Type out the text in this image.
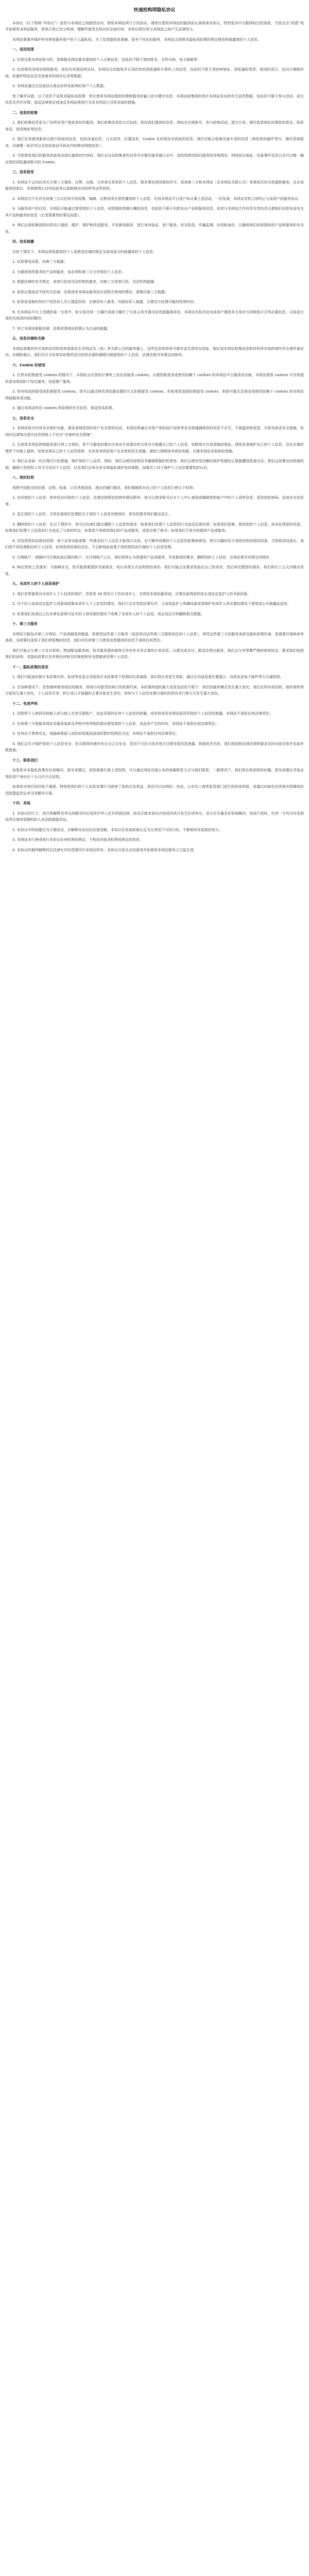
快速抢购网隐私协议

本协议（以下简称“本协议”）是您与本网站之间就您访问、使用本网站所订立的协议。请您在使用本网站的服务前认真阅读本协议，特别是其中以粗体标注的条款。当您点击“同意”或开始使用本网站服务，即表示您已充分阅读、理解并接受本协议的全部内容，本协议即在您与本网站之间产生法律效力。

本网站尊重并保护所有使用服务用户的个人隐私权。为了给您提供更准确、更有个性化的服务，本网站会按照本隐私权政策的规定使用和披露您的个人信息。

一、适用范围

1. 在您注册本网站账号时，您根据本网站要求提供的个人注册信息，包括但不限于您的姓名、手机号码、电子邮箱等；

2. 在您使用本网站网络服务，或访问本网站网页时，本网站自动接收并记录的您的浏览器和计算机上的信息，包括但不限于您的IP地址、浏览器的类型、使用的语言、访问日期和时间、软硬件特征信息及您需求的网页记录等数据；

3. 本网站通过合法途径从商业伙伴处取得的用户个人数据。

您了解并同意，以下信息不适用本隐私权政策：您在使用本网站提供的搜索服务时输入的关键字信息；本网站收集到的您在本网站发布的有关信息数据，包括但不限于参与活动、成交信息及评价详情；违反法律规定或违反本网站规则行为及本网站已对您采取的措施。

二、信息的收集

1. 我们收集信息是为了向所有用户提供更好的服务。我们收集信息的方式包括：您向我们提供的信息，例如在注册账号、参与抢购活动、提交订单、填写收货地址时提供的姓名、联系电话、收货地址等信息；

2. 我们在您使用服务过程中获取的信息，包括设备信息、日志信息、位置信息、Cookie 及同类技术获取的信息。我们可能会收集设备专用的信息（例如您的硬件型号、操作系统版本、设备唯一标识符以及包括电话号码在内的移动网络信息）；

3. 当您使用我们的服务或查看由我们提供的内容时，我们会自动收集某些信息并存储在服务器日志中，包括您使用我们服务的详细情况、网络协议地址、设备事件信息以及可以唯一确定您的浏览器或账号的 Cookie。

三、信息使用

1. 本网站不会向任何无关第三方提供、出售、出租、分享或交易您的个人信息，除非事先得到您的许可，或该第三方和本网站（含本网站关联公司）单独或共同为您提供服务，且在该服务结束后，其将被禁止访问包括其以前能够访问的所有这些资料。

2. 本网站亦不允许任何第三方以任何手段收集、编辑、出售或者无偿传播您的个人信息。任何本网站平台用户如从事上述活动，一经发现，本网站有权立即终止与该用户的服务协议。

3. 为服务用户的目的，本网站可能通过使用您的个人信息，向您提供您感兴趣的信息，包括但不限于向您发出产品和服务信息，或者与本网站合作伙伴共享信息以便他们向您发送有关其产品和服务的信息（后者需要您的事先同意）。

4. 我们会将收集到的信息用于提供、维护、保护和改进服务，开发新的服务，进行身份验证、客户服务、安全防范、诈骗监测、存档和备份，以确保我们向您提供的产品和服务的安全性。

四、信息披露

在如下情况下，本网站将依据您的个人意愿或法律的规定全部或部分的披露您的个人信息：

1. 经您事先同意，向第三方披露；

2. 为提供您所要求的产品和服务，而必须和第三方分享您的个人信息；

3. 根据法律的有关规定，或者行政或司法机构的要求，向第三方或者行政、司法机构披露；

4. 如您出现违反中国有关法律、法规或者本网站服务协议或相关规则的情况，需要向第三方披露；

5. 如您是适格的知识产权投诉人并已提起投诉，应被投诉人要求，向被投诉人披露，以便双方处理可能的权利纠纷；

6. 在本网站平台上创建的某一交易中，如交易任何一方履行或部分履行了交易义务并提出信息披露请求的，本网站有权决定向该用户提供其交易对方的联络方式等必要信息，以促成交易的完成或纠纷的解决；

7. 其它本网站根据法律、法规或者网站政策认为合适的披露。

五、信息存储和交换

本网站收集的有关您的信息和资料将保存在本网站及（或）其关联公司的服务器上，这些信息和资料可能传送至您所在国家、地区或本网站收集信息和资料所在地的境外并在境外被访问、存储和展示。我们仅在为实现本政策所述目的所必需的期限内保留您的个人信息，法律法规另有规定的除外。

六、Cookie 的使用

1. 在您未拒绝接受 cookies 的情况下，本网站会在您的计算机上设定或取用 cookies，以便您能登录或使用依赖于 cookies 的本网站平台服务或功能。本网站使用 cookies 可为您提供更加周到的个性化服务，包括推广服务。

2. 您有权选择接受或拒绝接受 cookies。您可以通过修改浏览器设置的方式拒绝接受 cookies。但如果您选择拒绝接受 cookies，则您可能无法登录或使用依赖于 cookies 的本网站网络服务或功能。

3. 通过本网站所设 cookies 所取得的有关信息，将适用本政策。

七、信息安全

1. 本网站账号均有安全保护功能，请妥善保管您的用户名及密码信息。本网站将通过对用户密码进行加密等安全措施确保您的信息不丢失，不被滥用和变造。尽管有前述安全措施，但同时也请您注意在信息网络上不存在“完善的安全措施”。

2. 在使用本网站网络服务进行网上交易时，您不可避免的要向交易对方或潜在的交易对方披露自己的个人信息，如联络方式或者邮政地址。请您妥善保护自己的个人信息，仅在必要的情形下向他人提供。如您发现自己的个人信息泄密，尤其是本网站用户名及密码发生泄露，请您立即联络本网站客服，以便本网站采取相应措施。

3. 我们会采取一切合理可行的措施，保护您的个人信息。例如，我们会使用加密技术确保数据的机密性；我们会使用受信赖的保护机制防止数据遭到恶意攻击；我们会部署访问控制机制，确保只有授权人员才可访问个人信息；以及我们会举办安全和隐私保护培训课程，加强员工对于保护个人信息重要性的认识。

八、您的权利

按照中国相关的法律、法规、标准，以及其他国家、地区的通行做法，我们保障您对自己的个人信息行使以下权利：

1. 访问您的个人信息：您有权访问您的个人信息，法律法规规定的例外情况除外。您可以登录账号后在个人中心查阅或编辑您的账户中的个人资料信息、更改您的密码、添加安全信息等。

2. 更正您的个人信息：当您发现我们处理的关于您的个人信息有错误时，您有权要求我们做出更正。

3. 删除您的个人信息：在以下情形中，您可以向我们提出删除个人信息的请求：如果我们处理个人信息的行为违反法律法规；如果我们收集、使用您的个人信息，却未征得您的同意；如果我们处理个人信息的行为违反了与您的约定；如果您不再使用我们的产品或服务，或您注销了账号；如果我们不再为您提供产品或服务。

4. 改变您授权同意的范围：每个业务功能需要一些基本的个人信息才能得以完成。对于额外收集的个人信息的收集和使用，您可以随时给予或收回您的授权同意。当您收回同意后，我们将不再处理相应的个人信息。但您收回同意的决定，不会影响此前基于您的授权而开展的个人信息处理。

5. 注销账户：您随时可注销此前注册的账户。在注销账户之后，我们将停止为您提供产品或服务，并依据您的要求，删除您的个人信息，法律法规另有规定的除外。

6. 响应您的上述请求：为保障安全，您可能需要提供书面请求，或以其他方式证明您的身份。我们可能会先要求您验证自己的身份，然后再处理您的请求。我们将在十五天内做出答复。

九、未成年人的个人信息保护

1. 我们非常重视对未成年人个人信息的保护。若您是 18 周岁以下的未成年人，在使用本网站服务前，应事先取得您的家长或法定监护人的书面同意。

2. 对于经父母或法定监护人同意而收集未成年人个人信息的情况，我们只会在受到法律允许、父母或监护人明确同意或者保护未成年人所必要的情况下使用或公开披露此信息。

3. 如果我们发现自己在未事先获得可证实的父母同意的情况下收集了未成年人的个人信息，则会设法尽快删除相关数据。

十、第三方服务

本网站可能包含第三方网站、产品或服务的链接。您使用这些第三方服务（包括您向这些第三方提供的任何个人信息），须受这些第三方的服务条款及隐私政策约束，您需要仔细阅读其条款。本政策仅适用于我们所收集的信息，我们对任何第三方使用由您提供的信息不承担任何责任。

我们可能会与第三方支付机构、物流配送服务商、技术服务提供商等合作伙伴共享必要的订单信息，以便完成支付、配送及售后服务。我们会与其签署严格的保密协定，要求他们按照我们的说明、本隐私政策以及其他任何相关的保密和安全措施来处理个人信息。

十一、隐私政策的更改

1. 我们可能适时修订本政策内容。如该等变更会导致您在本政策项下权利的实质减损，我们将在变更生效前，通过在页面显著位置提示、向您发送电子邮件等方式通知您。

2. 在该种情况下，若您继续使用我们的服务，即表示同意受经修订的政策约束。本政策所指的重大变更包括但不限于：我们的服务模式发生重大变化；我们在所有权结构、组织架构等方面发生重大变化；个人信息共享、转让或公开披露的主要对象发生变化；您参与个人信息处理方面的权利及其行使方式发生重大变化。

十二、免责声明

1. 因您将个人密码告知他人或与他人共享注册账户，由此导致的任何个人信息的泄漏，或其他非因本网站原因导致的个人信息的泄漏，本网站不承担任何法律责任；

2. 任何第三方根据本网站各服务条款及声明中所列明的情况使用您的个人信息，由此所产生的纠纷，本网站不承担任何法律责任；

3. 任何由于黑客攻击、电脑病毒侵入或政府管制而造成的暂时性网站关闭，本网站不承担任何法律责任；

4. 我们会尽力保护您的个人信息安全，但互联网环境并非百分之百安全，若因不可抗力或非我方过错导致信息泄露、毁损或丢失的，我们将按照法律法规的要求及时向您告知并采取补救措施。

十三、联系我们

如果您对本隐私政策有任何疑问、意见或建议，或您需要行使上述权利，可以通过网站页面公布的客服联系方式与我们联系。一般情况下，我们将在收到您的问题、意见或建议并验证您的用户身份后十五日内予以回复。

如果您对我们的回复不满意，特别是我们的个人信息处理行为损害了您的合法权益，您还可以向网信、电信、公安及工商等监管部门进行投诉或举报，或通过向被告住所地有管辖权的法院提起诉讼来寻求解决方案。

十四、其他

1. 本协议的订立、执行和解释及争议的解决均应适用中华人民共和国法律。如双方就本协议内容或其执行发生任何争议，双方应尽量友好协商解决；协商不成时，任何一方均可向本网站所在地有管辖权的人民法院提起诉讼。

2. 本协议中的标题仅为方便而设，在解释本协议时应被忽略。本协议任何条款被认定为无效或不可执行的，不影响其余条款的效力。

3. 本网站未行使或执行本协议任何权利或规定，不构成对前述权利或规定的放弃。

4. 本协议的最终解释权在法律允许的范围内归本网站所有。本协议自您点击同意或开始使用本网站服务之日起生效。
